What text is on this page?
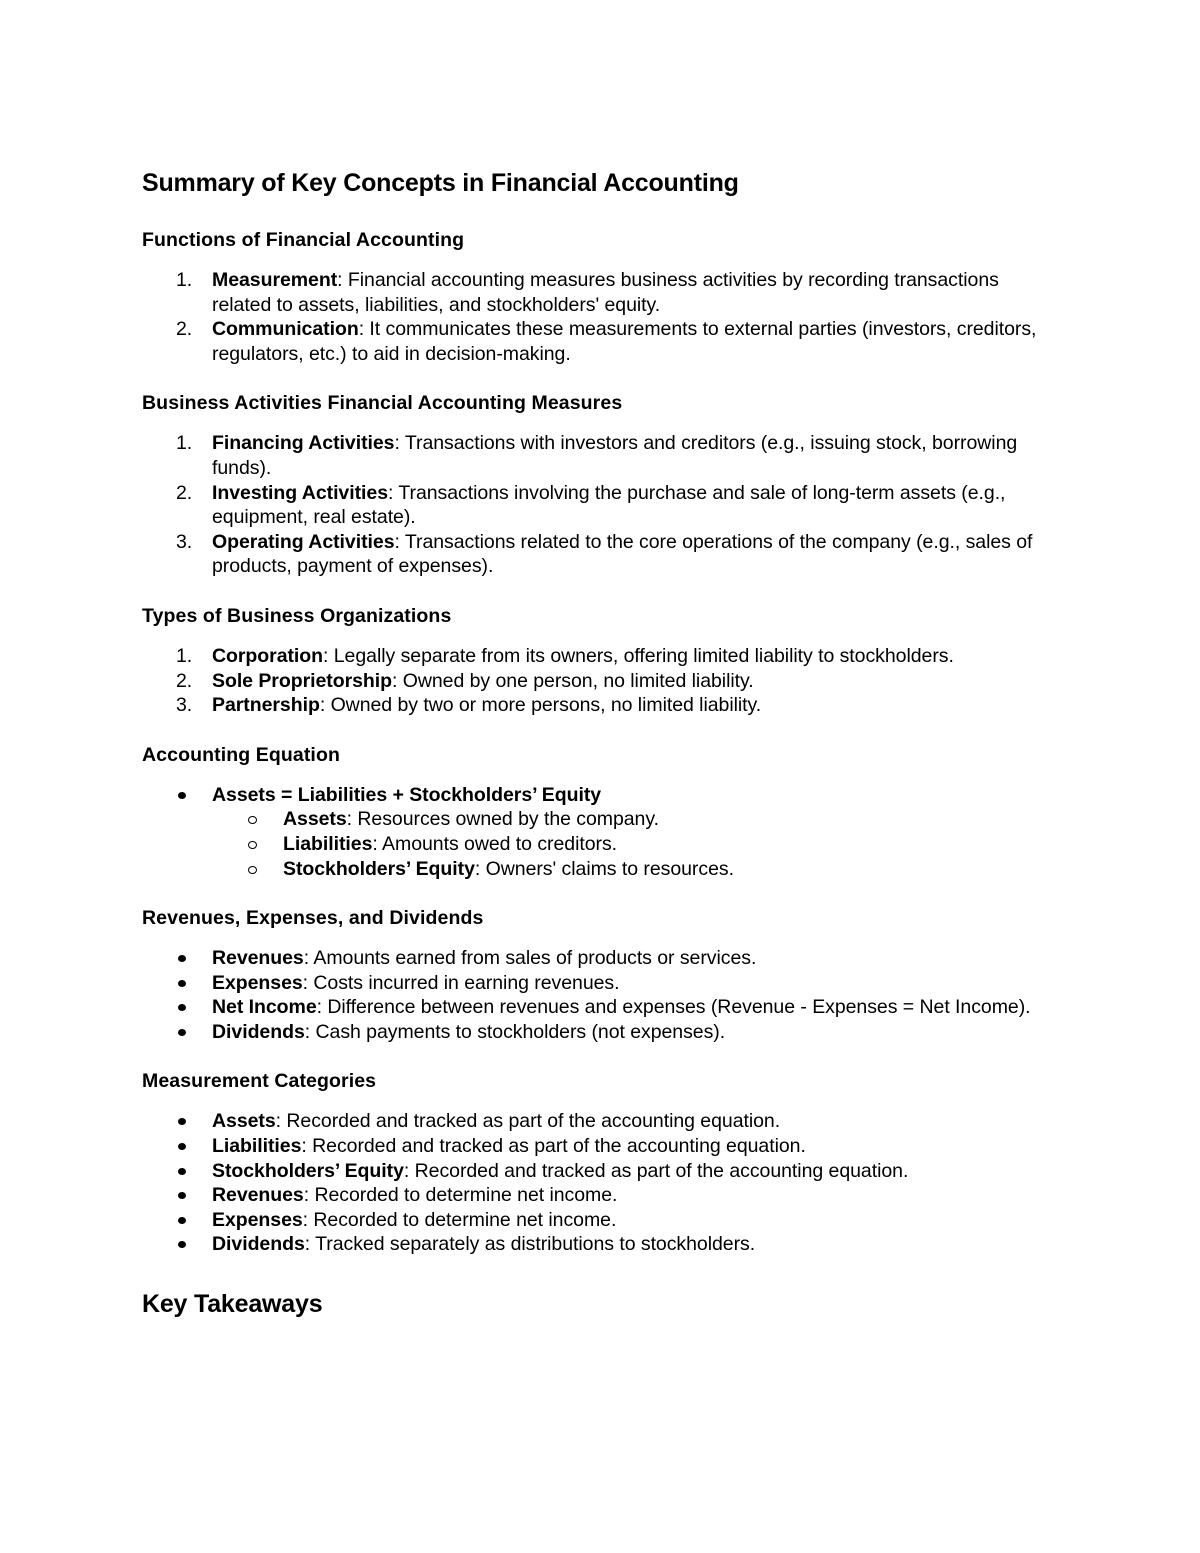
Summary of Key Concepts in Financial Accounting
Functions of Financial Accounting
1. Measurement: Financial accounting measures business activities by recording transactions related to assets, liabilities, and stockholders' equity.
2. Communication: It communicates these measurements to external parties (investors, creditors, regulators, etc.) to aid in decision-making.
Business Activities Financial Accounting Measures
1. Financing Activities: Transactions with investors and creditors (e.g., issuing stock, borrowing funds).
2. Investing Activities: Transactions involving the purchase and sale of long-term assets (e.g., equipment, real estate).
3. Operating Activities: Transactions related to the core operations of the company (e.g., sales of products, payment of expenses).
Types of Business Organizations
1. Corporation: Legally separate from its owners, offering limited liability to stockholders.
2. Sole Proprietorship: Owned by one person, no limited liability.
3. Partnership: Owned by two or more persons, no limited liability.
Accounting Equation
Assets = Liabilities + Stockholders’ Equity
Assets: Resources owned by the company.
Liabilities: Amounts owed to creditors.
Stockholders’ Equity: Owners' claims to resources.
Revenues, Expenses, and Dividends
Revenues: Amounts earned from sales of products or services.
Expenses: Costs incurred in earning revenues.
Net Income: Difference between revenues and expenses (Revenue - Expenses = Net Income).
Dividends: Cash payments to stockholders (not expenses).
Measurement Categories
Assets: Recorded and tracked as part of the accounting equation.
Liabilities: Recorded and tracked as part of the accounting equation.
Stockholders’ Equity: Recorded and tracked as part of the accounting equation.
Revenues: Recorded to determine net income.
Expenses: Recorded to determine net income.
Dividends: Tracked separately as distributions to stockholders.
Key Takeaways
